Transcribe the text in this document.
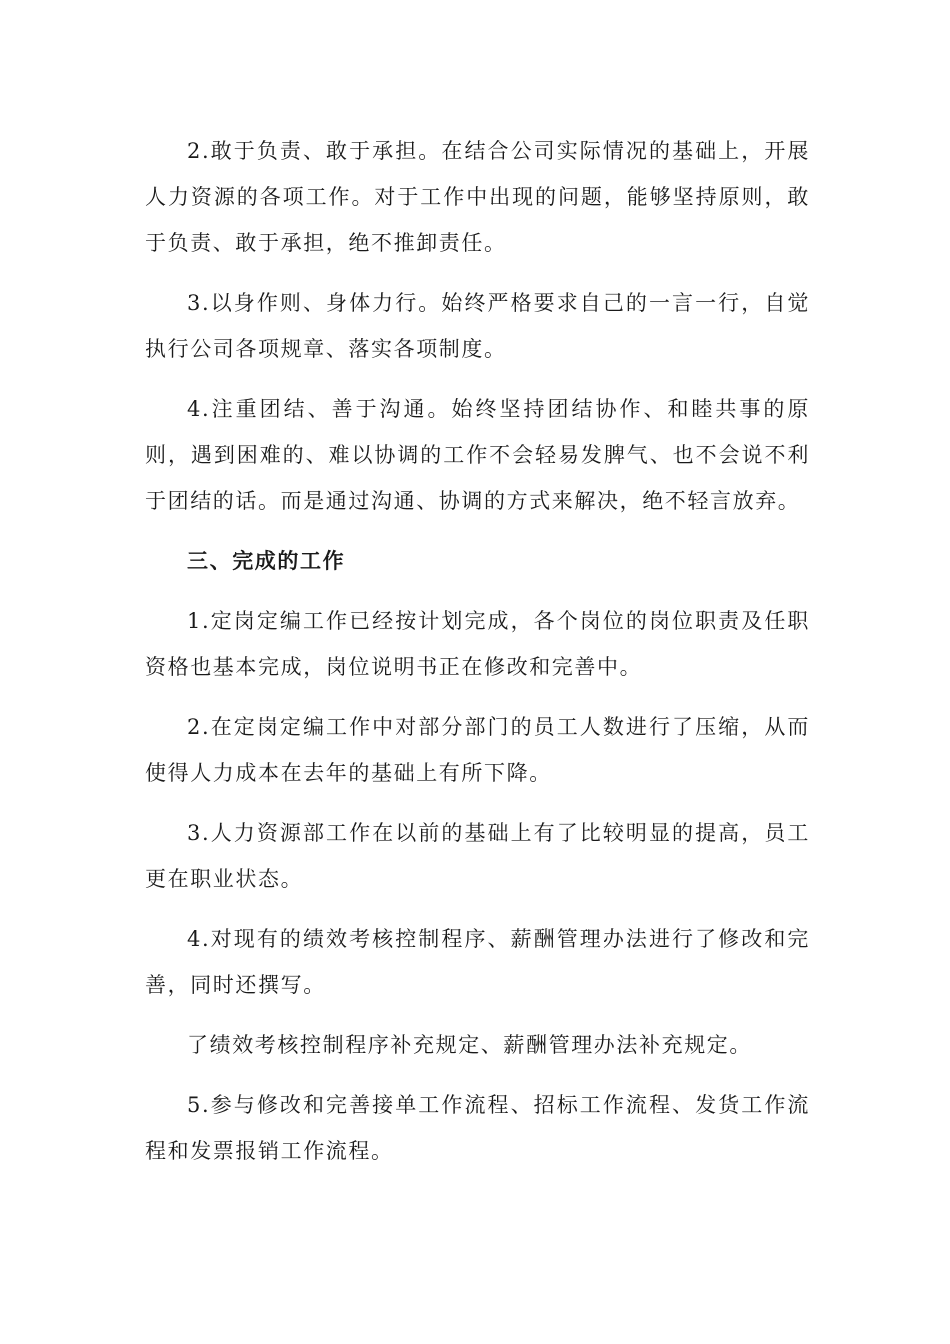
2.敢于负责、敢于承担。在结合公司实际情况的基础上，开展人力资源的各项工作。对于工作中出现的问题，能够坚持原则，敢于负责、敢于承担，绝不推卸责任。

3.以身作则、身体力行。始终严格要求自己的一言一行，自觉执行公司各项规章、落实各项制度。

4.注重团结、善于沟通。始终坚持团结协作、和睦共事的原则，遇到困难的、难以协调的工作不会轻易发脾气、也不会说不利于团结的话。而是通过沟通、协调的方式来解决，绝不轻言放弃。

三、完成的工作

1.定岗定编工作已经按计划完成，各个岗位的岗位职责及任职资格也基本完成，岗位说明书正在修改和完善中。

2.在定岗定编工作中对部分部门的员工人数进行了压缩，从而使得人力成本在去年的基础上有所下降。

3.人力资源部工作在以前的基础上有了比较明显的提高，员工更在职业状态。

4.对现有的绩效考核控制程序、薪酬管理办法进行了修改和完善，同时还撰写。

了绩效考核控制程序补充规定、薪酬管理办法补充规定。

5.参与修改和完善接单工作流程、招标工作流程、发货工作流程和发票报销工作流程。
